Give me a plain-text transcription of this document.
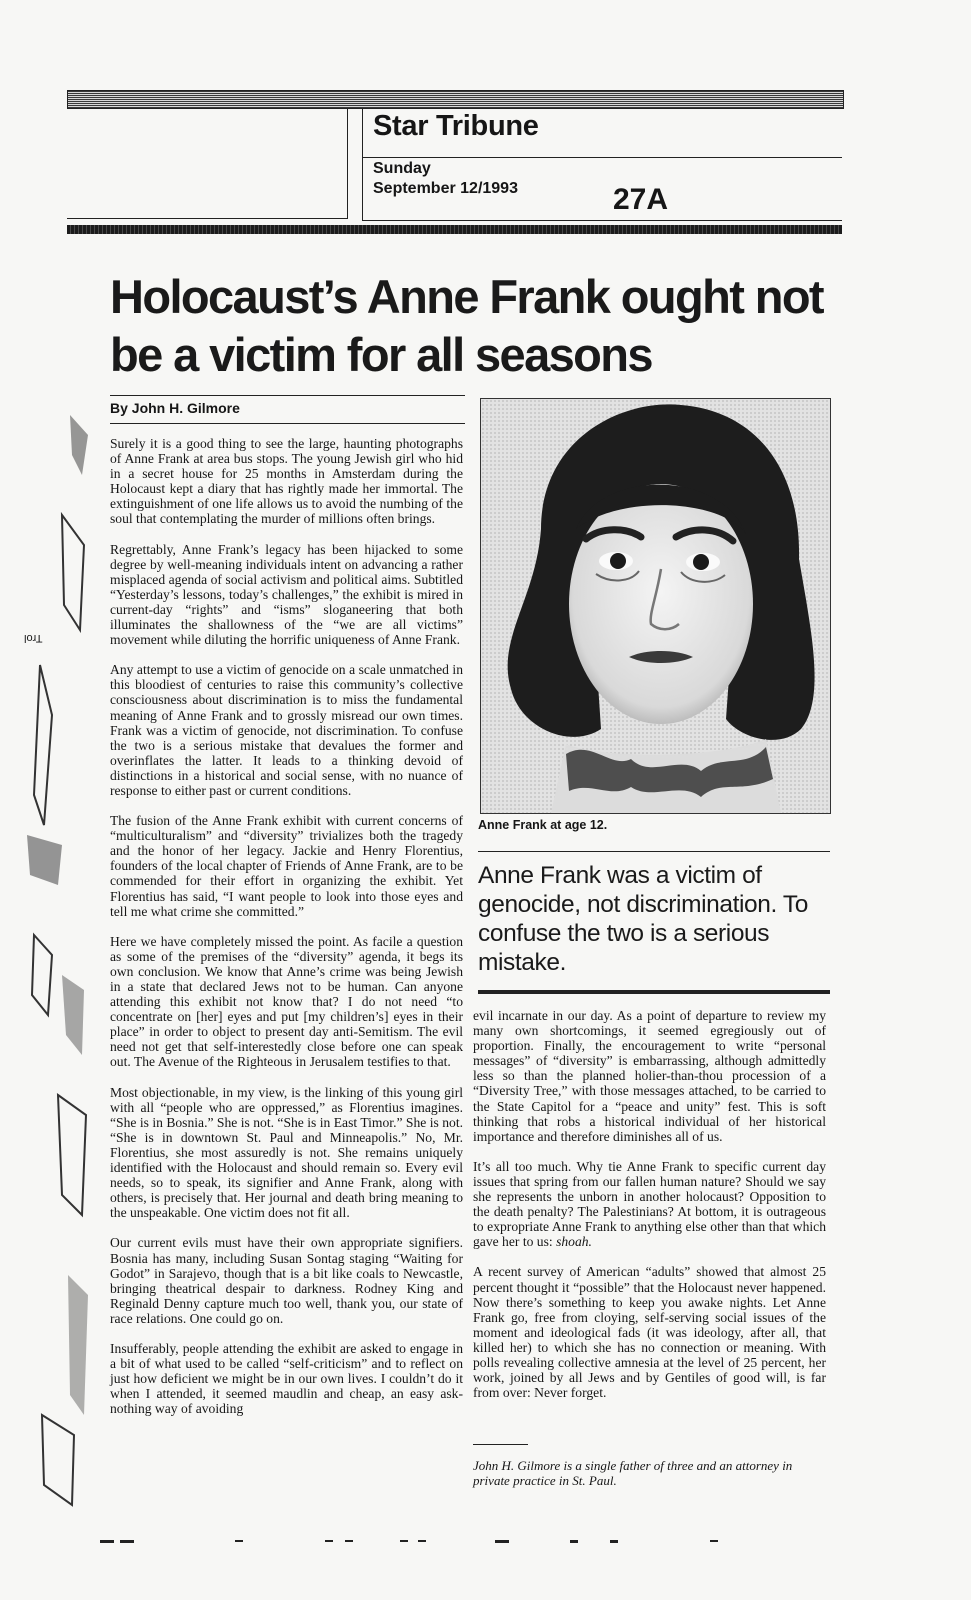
Star Tribune
Sunday
September 12/1993	27A
Holocaust’s Anne Frank ought not be a victim for all seasons
By John H. Gilmore

Surely it is a good thing to see the large, haunting photographs of Anne Frank at area bus stops. The young Jewish girl who hid in a secret house for 25 months in Amsterdam during the Holocaust kept a diary that has rightly made her immortal. The extinguishment of one life allows us to avoid the numbing of the soul that contemplating the murder of millions often brings.

Regrettably, Anne Frank’s legacy has been hijacked to some degree by well-meaning individuals intent on advancing a rather misplaced agenda of social activism and political aims. Subtitled “Yesterday’s lessons, today’s challenges,” the exhibit is mired in current-day “rights” and “isms” sloganeering that both illuminates the shallowness of the “we are all victims” movement while diluting the horrific uniqueness of Anne Frank.

Any attempt to use a victim of genocide on a scale unmatched in this bloodiest of centuries to raise this community’s collective consciousness about discrimination is to miss the fundamental meaning of Anne Frank and to grossly misread our own times. Frank was a victim of genocide, not discrimination. To confuse the two is a serious mistake that devalues the former and overinflates the latter. It leads to a thinking devoid of distinctions in a historical and social sense, with no nuance of response to either past or current conditions.

The fusion of the Anne Frank exhibit with current concerns of “multiculturalism” and “diversity” trivializes both the tragedy and the honor of her legacy. Jackie and Henry Florentius, founders of the local chapter of Friends of Anne Frank, are to be commended for their effort in organizing the exhibit. Yet Florentius has said, “I want people to look into those eyes and tell me what crime she committed.”

Here we have completely missed the point. As facile a question as some of the premises of the “diversity” agenda, it begs its own conclusion. We know that Anne’s crime was being Jewish in a state that declared Jews not to be human. Can anyone attending this exhibit not know that? I do not need “to concentrate on [her] eyes and put [my children’s] eyes in their place” in order to object to present day anti-Semitism. The evil need not get that self-interestedly close before one can speak out. The Avenue of the Righteous in Jerusalem testifies to that.

Most objectionable, in my view, is the linking of this young girl with all “people who are oppressed,” as Florentius imagines. “She is in Bosnia.” She is not. “She is in East Timor.” She is not. “She is in downtown St. Paul and Minneapolis.” No, Mr. Florentius, she most assuredly is not. She remains uniquely identified with the Holocaust and should remain so. Every evil needs, so to speak, its signifier and Anne Frank, along with others, is precisely that. Her journal and death bring meaning to the unspeakable. One victim does not fit all.

Our current evils must have their own appropriate signifiers. Bosnia has many, including Susan Sontag staging “Waiting for Godot” in Sarajevo, though that is a bit like coals to Newcastle, bringing theatrical despair to darkness. Rodney King and Reginald Denny capture much too well, thank you, our state of race relations. One could go on.

Insufferably, people attending the exhibit are asked to engage in a bit of what used to be called “self-criticism” and to reflect on just how deficient we might be in our own lives. I couldn’t do it when I attended, it seemed maudlin and cheap, an easy ask-nothing way of avoiding

Anne Frank at age 12.

Anne Frank was a victim of genocide, not discrimination. To confuse the two is a serious mistake.

evil incarnate in our day. As a point of departure to review my many own shortcomings, it seemed egregiously out of proportion. Finally, the encouragement to write “personal messages” of “diversity” is embarrassing, although admittedly less so than the planned holier-than-thou procession of a “Diversity Tree,” with those messages attached, to be carried to the State Capitol for a “peace and unity” fest. This is soft thinking that robs a historical individual of her historical importance and therefore diminishes all of us.

It’s all too much. Why tie Anne Frank to specific current day issues that spring from our fallen human nature? Should we say she represents the unborn in another holocaust? Opposition to the death penalty? The Palestinians? At bottom, it is outrageous to expropriate Anne Frank to anything else other than that which gave her to us: shoah.

A recent survey of American “adults” showed that almost 25 percent thought it “possible” that the Holocaust never happened. Now there’s something to keep you awake nights. Let Anne Frank go, free from cloying, self-serving social issues of the moment and ideological fads (it was ideology, after all, that killed her) to which she has no connection or meaning. With polls revealing collective amnesia at the level of 25 percent, her work, joined by all Jews and by Gentiles of good will, is far from over: Never forget.

John H. Gilmore is a single father of three and an attorney in private practice in St. Paul.
Trol
